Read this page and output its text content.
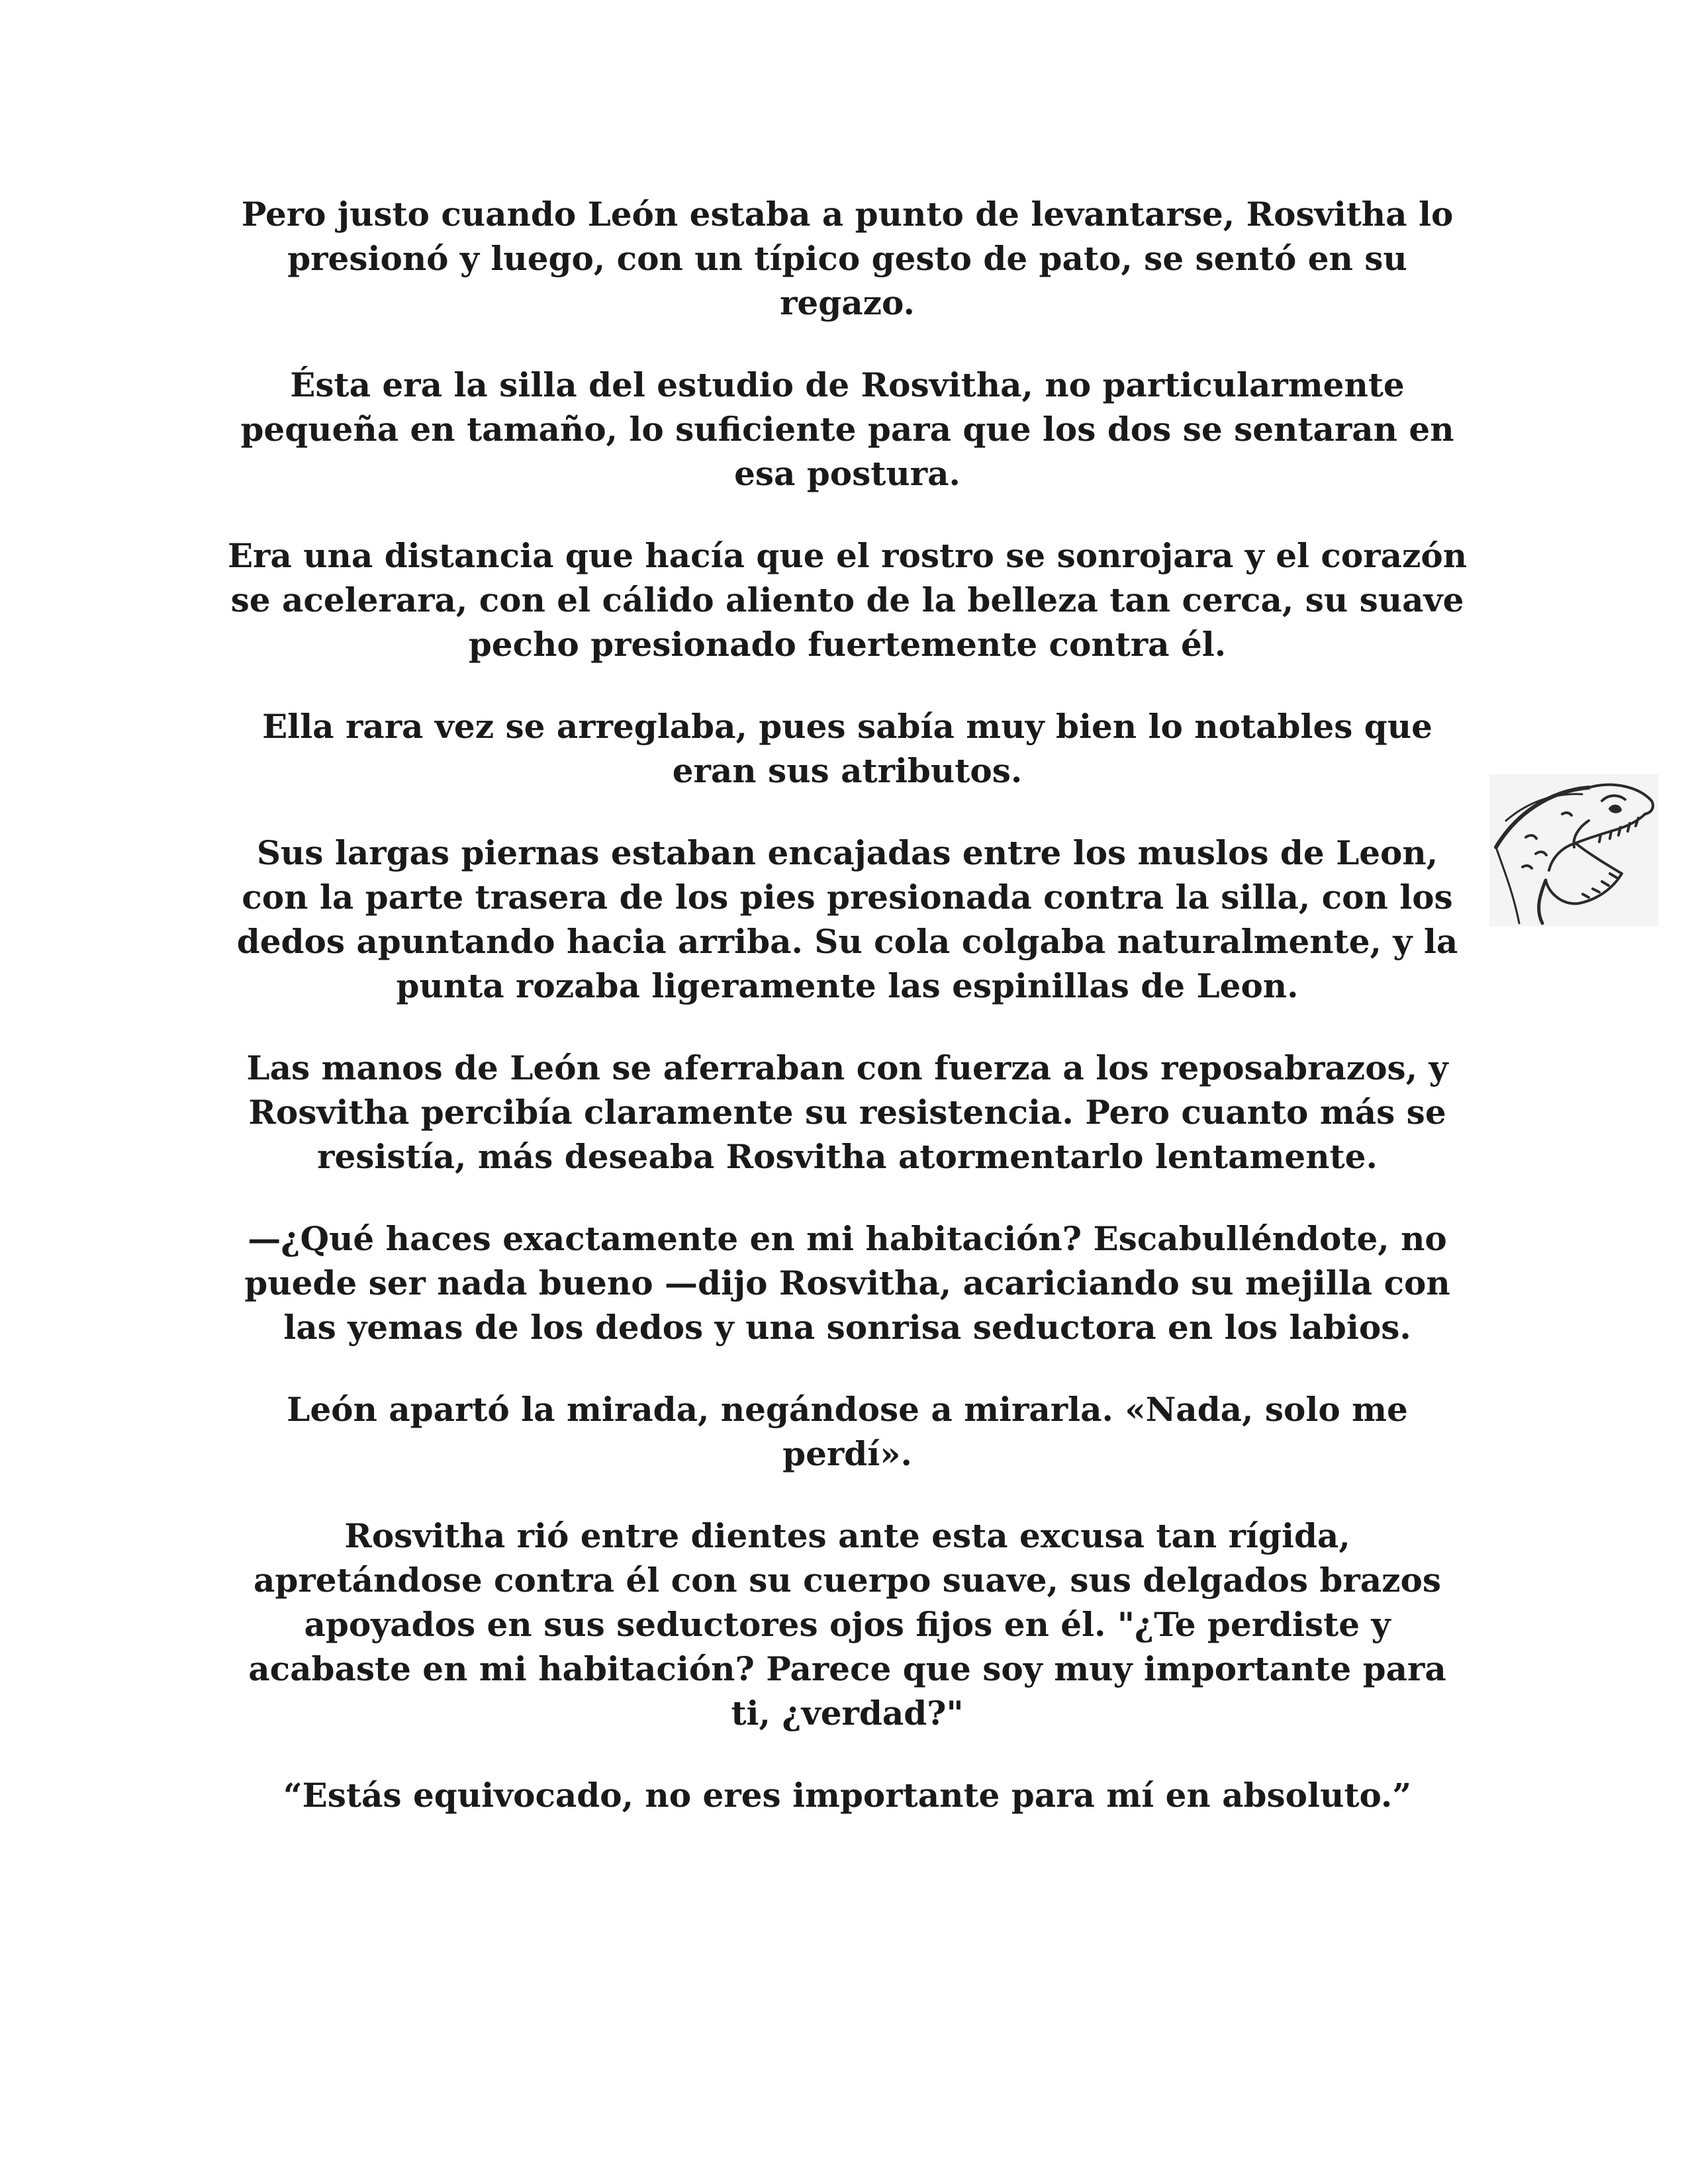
Pero justo cuando León estaba a punto de levantarse, Rosvitha lo presionó y luego, con un típico gesto de pato, se sentó en su regazo.

Ésta era la silla del estudio de Rosvitha, no particularmente pequeña en tamaño, lo suficiente para que los dos se sentaran en esa postura.

Era una distancia que hacía que el rostro se sonrojara y el corazón se acelerara, con el cálido aliento de la belleza tan cerca, su suave pecho presionado fuertemente contra él.

Ella rara vez se arreglaba, pues sabía muy bien lo notables que eran sus atributos.

Sus largas piernas estaban encajadas entre los muslos de Leon, con la parte trasera de los pies presionada contra la silla, con los dedos apuntando hacia arriba. Su cola colgaba naturalmente, y la punta rozaba ligeramente las espinillas de Leon.

Las manos de León se aferraban con fuerza a los reposabrazos, y Rosvitha percibía claramente su resistencia. Pero cuanto más se resistía, más deseaba Rosvitha atormentarlo lentamente.

—¿Qué haces exactamente en mi habitación? Escabulléndote, no puede ser nada bueno —dijo Rosvitha, acariciando su mejilla con las yemas de los dedos y una sonrisa seductora en los labios.

León apartó la mirada, negándose a mirarla. «Nada, solo me perdí».

Rosvitha rió entre dientes ante esta excusa tan rígida, apretándose contra él con su cuerpo suave, sus delgados brazos apoyados en sus seductores ojos fijos en él. "¿Te perdiste y acabaste en mi habitación? Parece que soy muy importante para ti, ¿verdad?"

“Estás equivocado, no eres importante para mí en absoluto.”
